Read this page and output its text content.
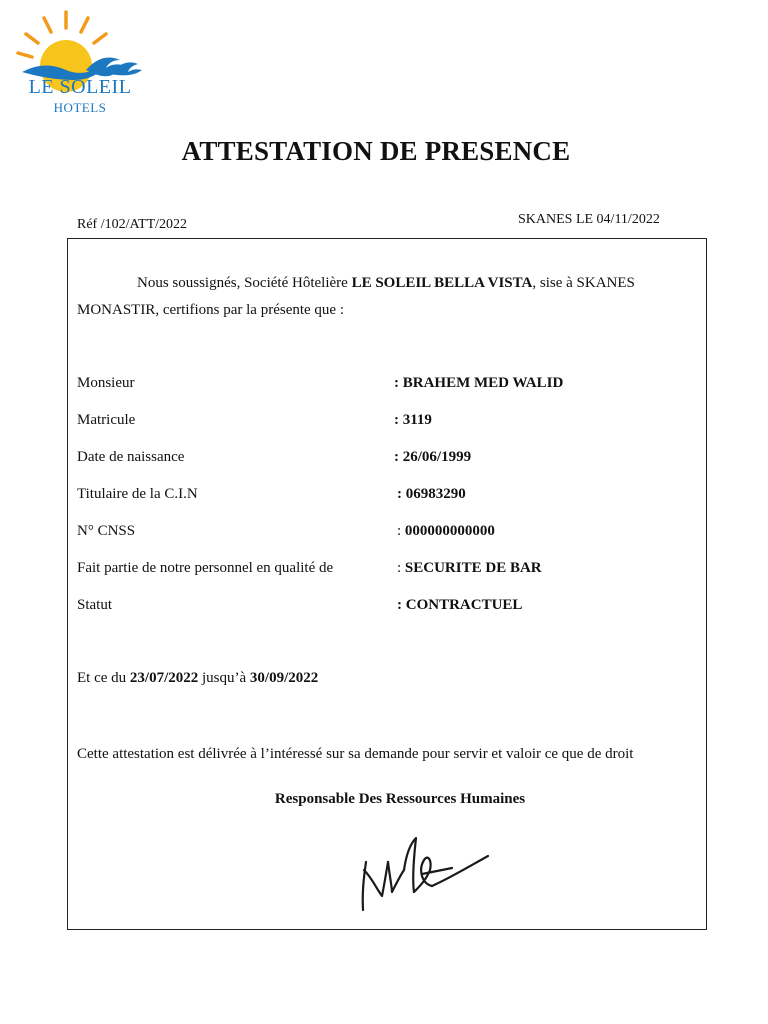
LE SOLEIL
HOTELS
ATTESTATION DE PRESENCE
Réf /102/ATT/2022	SKANES LE 04/11/2022
Nous soussignés, Société Hôtelière LE SOLEIL BELLA VISTA, sise à SKANES MONASTIR, certifions par la présente que :
Monsieur	: BRAHEM MED WALID
Matricule	: 3119
Date de naissance	: 26/06/1999
Titulaire de la C.I.N	: 06983290
N° CNSS	: 000000000000
Fait partie de notre personnel en qualité de	: SECURITE DE BAR
Statut	: CONTRACTUEL
Et ce du 23/07/2022 jusqu’à 30/09/2022
Cette attestation est délivrée à l’intéressé sur sa demande pour servir et valoir ce que de droit
Responsable Des Ressources Humaines
